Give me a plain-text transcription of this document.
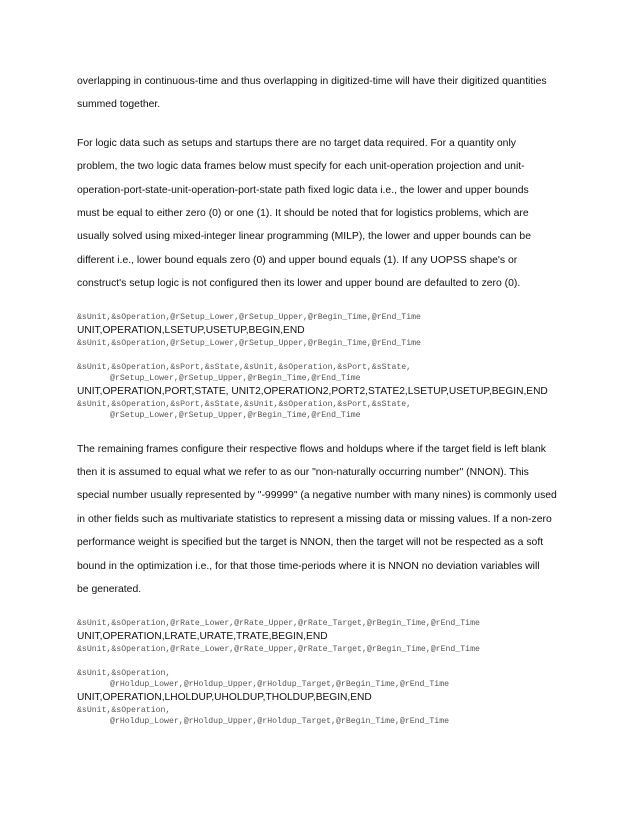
overlapping in continuous-time and thus overlapping in digitized-time will have their digitized quantities
summed together.
For logic data such as setups and startups there are no target data required. For a quantity only
problem, the two logic data frames below must specify for each unit-operation projection and unit-
operation-port-state-unit-operation-port-state path fixed logic data i.e., the lower and upper bounds
must be equal to either zero (0) or one (1). It should be noted that for logistics problems, which are
usually solved using mixed-integer linear programming (MILP), the lower and upper bounds can be
different i.e., lower bound equals zero (0) and upper bound equals (1). If any UOPSS shape's or
construct's setup logic is not configured then its lower and upper bound are defaulted to zero (0).
&sUnit,&sOperation,@rSetup_Lower,@rSetup_Upper,@rBegin_Time,@rEnd_Time
UNIT,OPERATION,LSETUP,USETUP,BEGIN,END
&sUnit,&sOperation,@rSetup_Lower,@rSetup_Upper,@rBegin_Time,@rEnd_Time
&sUnit,&sOperation,&sPort,&sState,&sUnit,&sOperation,&sPort,&sState,
@rSetup_Lower,@rSetup_Upper,@rBegin_Time,@rEnd_Time
UNIT,OPERATION,PORT,STATE, UNIT2,OPERATION2,PORT2,STATE2,LSETUP,USETUP,BEGIN,END
&sUnit,&sOperation,&sPort,&sState,&sUnit,&sOperation,&sPort,&sState,
@rSetup_Lower,@rSetup_Upper,@rBegin_Time,@rEnd_Time
The remaining frames configure their respective flows and holdups where if the target field is left blank
then it is assumed to equal what we refer to as our "non-naturally occurring number" (NNON). This
special number usually represented by "-99999" (a negative number with many nines) is commonly used
in other fields such as multivariate statistics to represent a missing data or missing values. If a non-zero
performance weight is specified but the target is NNON, then the target will not be respected as a soft
bound in the optimization i.e., for that those time-periods where it is NNON no deviation variables will
be generated.
&sUnit,&sOperation,@rRate_Lower,@rRate_Upper,@rRate_Target,@rBegin_Time,@rEnd_Time
UNIT,OPERATION,LRATE,URATE,TRATE,BEGIN,END
&sUnit,&sOperation,@rRate_Lower,@rRate_Upper,@rRate_Target,@rBegin_Time,@rEnd_Time
&sUnit,&sOperation,
@rHoldup_Lower,@rHoldup_Upper,@rHoldup_Target,@rBegin_Time,@rEnd_Time
UNIT,OPERATION,LHOLDUP,UHOLDUP,THOLDUP,BEGIN,END
&sUnit,&sOperation,
@rHoldup_Lower,@rHoldup_Upper,@rHoldup_Target,@rBegin_Time,@rEnd_Time
